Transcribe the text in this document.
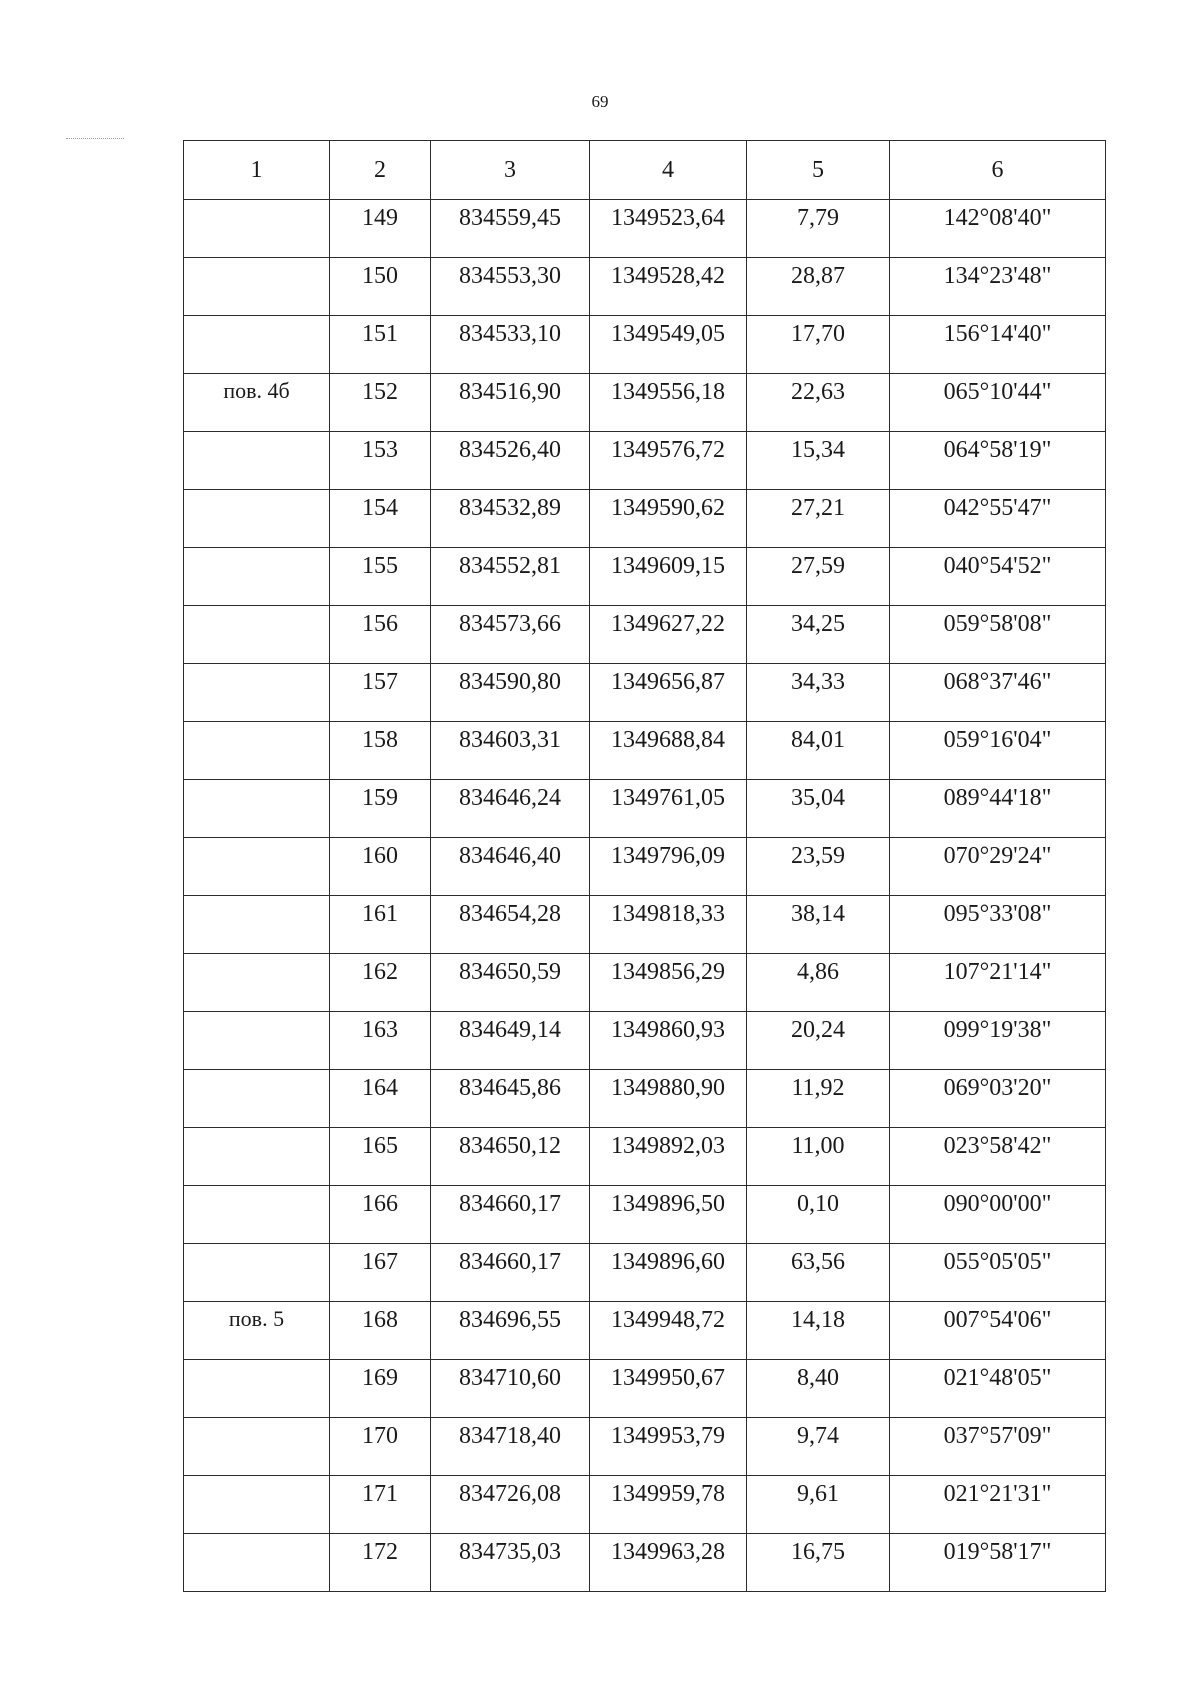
69
1	2	3	4	5	6
	149	834559,45	1349523,64	7,79	142°08'40"
	150	834553,30	1349528,42	28,87	134°23'48"
	151	834533,10	1349549,05	17,70	156°14'40"
пов. 4б	152	834516,90	1349556,18	22,63	065°10'44"
	153	834526,40	1349576,72	15,34	064°58'19"
	154	834532,89	1349590,62	27,21	042°55'47"
	155	834552,81	1349609,15	27,59	040°54'52"
	156	834573,66	1349627,22	34,25	059°58'08"
	157	834590,80	1349656,87	34,33	068°37'46"
	158	834603,31	1349688,84	84,01	059°16'04"
	159	834646,24	1349761,05	35,04	089°44'18"
	160	834646,40	1349796,09	23,59	070°29'24"
	161	834654,28	1349818,33	38,14	095°33'08"
	162	834650,59	1349856,29	4,86	107°21'14"
	163	834649,14	1349860,93	20,24	099°19'38"
	164	834645,86	1349880,90	11,92	069°03'20"
	165	834650,12	1349892,03	11,00	023°58'42"
	166	834660,17	1349896,50	0,10	090°00'00"
	167	834660,17	1349896,60	63,56	055°05'05"
пов. 5	168	834696,55	1349948,72	14,18	007°54'06"
	169	834710,60	1349950,67	8,40	021°48'05"
	170	834718,40	1349953,79	9,74	037°57'09"
	171	834726,08	1349959,78	9,61	021°21'31"
	172	834735,03	1349963,28	16,75	019°58'17"
